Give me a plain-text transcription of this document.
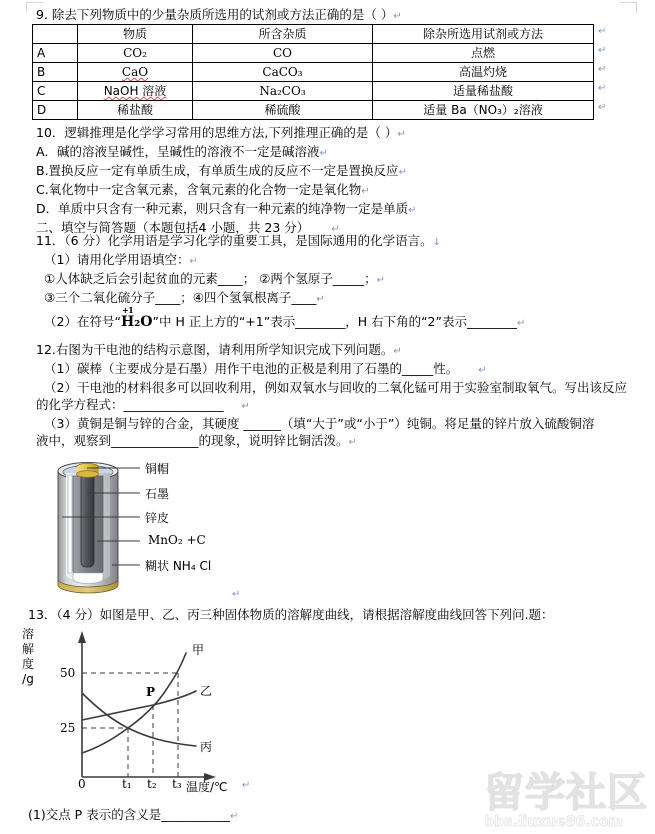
9. 除去下列物质中的少量杂质所选用的试剂或方法正确的是（ ）↵
	物质	所含杂质	除杂所选用试剂或方法
A	CO₂	CO	点燃
B	CaO	CaCO₃	高温灼烧
C	NaOH 溶液	Na₂CO₃	适量稀盐酸
D	稀盐酸	稀硫酸	适量 Ba（NO₃）₂溶液
↵
↵
↵
↵
↵
10．逻辑推理是化学学习常用的思维方法,下列推理正确的是（ ）↵
A．碱的溶液呈碱性，呈碱性的溶液不一定是碱溶液↵
B.置换反应一定有单质生成，有单质生成的反应不一定是置换反应↵
C.氧化物中一定含氧元素，含氧元素的化合物一定是氧化物↵
D．单质中只含有一种元素，则只含有一种元素的纯净物一定是单质↵
二、填空与简答题（本题包括4 小题，共 23 分） ↵
11．（6 分）化学用语是学习化学的重要工具，是国际通用的化学语言。↓
（1）请用化学用语填空：↵
①人体缺乏后会引起贫血的元素____； ②两个氢原子_____；↵
③三个二氧化硫分子____；④四个氢氧根离子____↵
（2）在符号“
+1
H₂O”中 H 正上方的“+1”表示________，H 右下角的“2”表示________↵
12.右图为干电池的结构示意图，请利用所学知识完成下列问题。↵
（1）碳棒（主要成分是石墨）用作干电池的正极是利用了石墨的_____性。 ↵
（2）干电池的材料很多可以回收利用，例如双氧水与回收的二氧化锰可用于实验室制取氧气。写出该反应
的化学方程式：________________ ↵
（3）黄铜是铜与锌的合金，其硬度 ______（填“大于”或“小于”）纯铜。将足量的锌片放入硫酸铜溶
液中，观察到______________的现象，说明锌比铜活泼。↵
铜帽
石墨
锌皮
MnO₂ +C
糊状 NH₄ Cl
↵
13．（4 分）如图是甲、乙、丙三种固体物质的溶解度曲线，请根据溶解度曲线回答下列问.题：
溶
解
度
/g 50
25
0	t₁ t₂ t₃ 温度/℃
甲
乙
丙
P
↵
(1)交点 P 表示的含义是___________↵
留学社区
bbs.liuxue86.com
